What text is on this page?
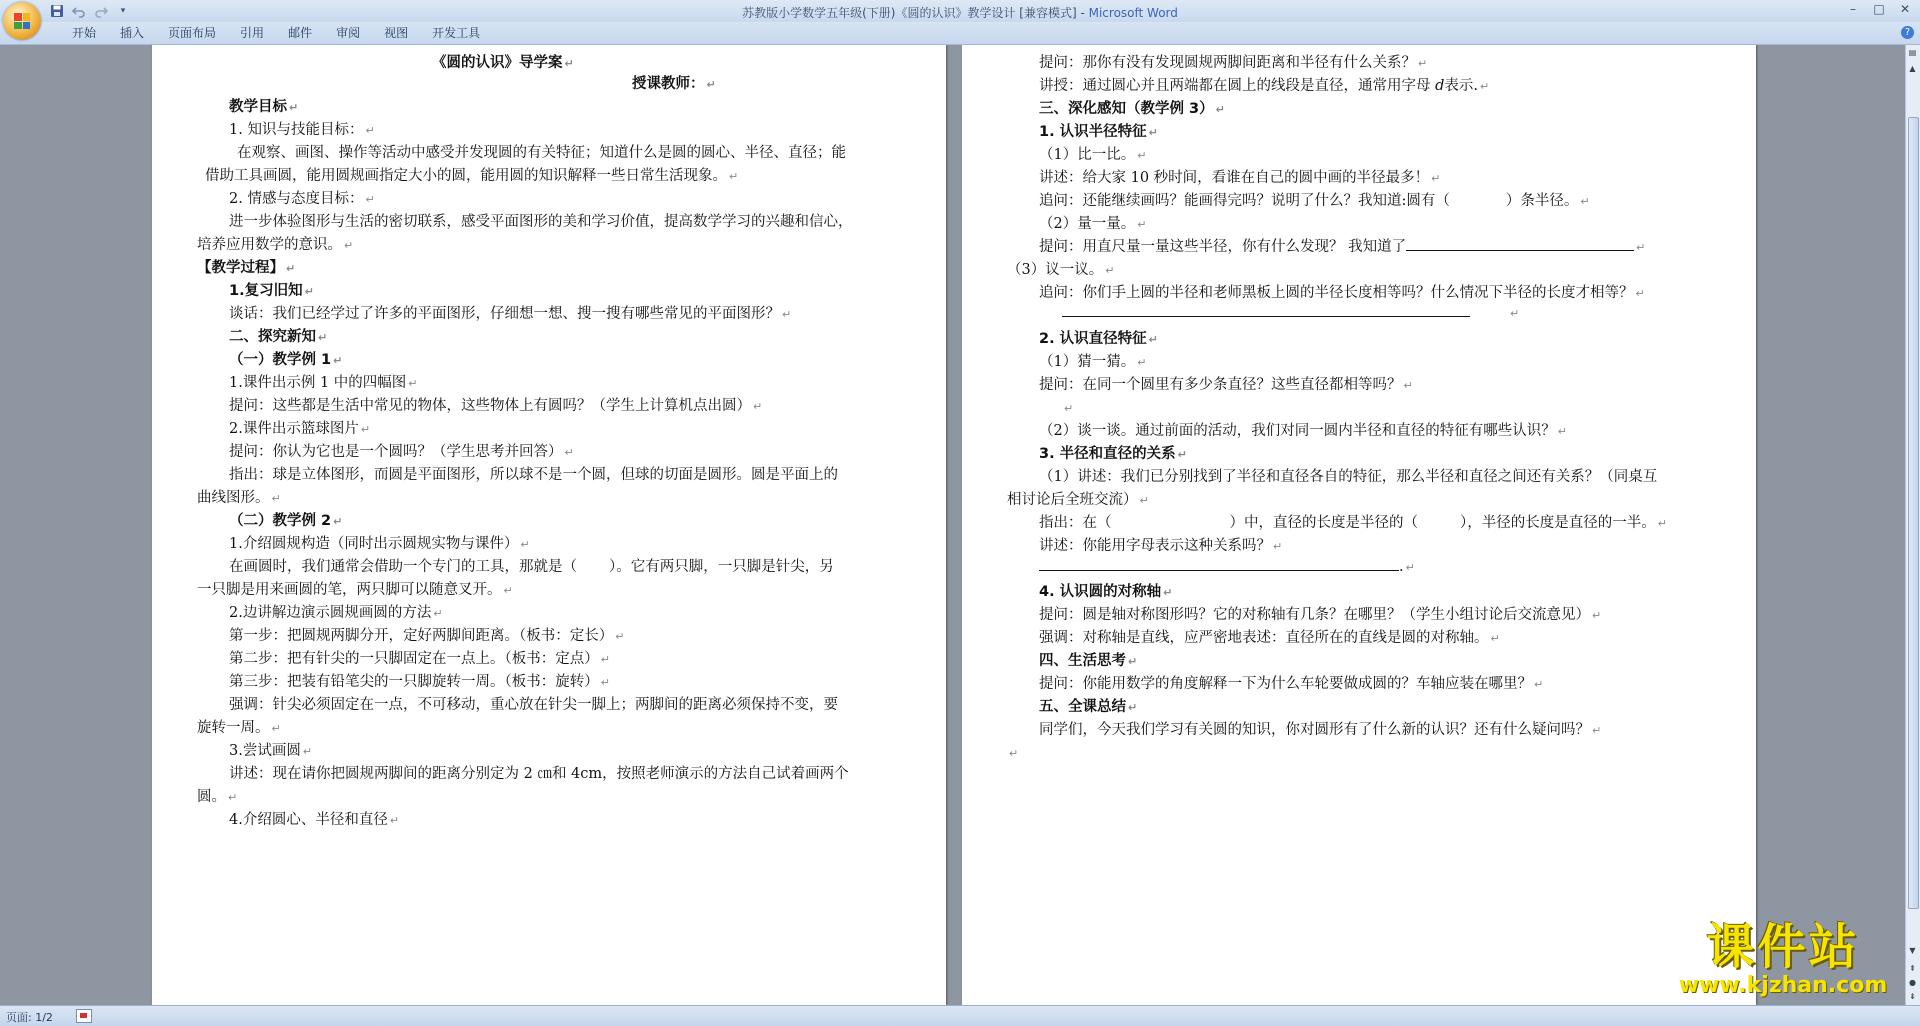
▾	苏教版小学数学五年级(下册)《圆的认识》教学设计 [兼容模式] - Microsoft Word	–	□	✕
开始	插入	页面布局	引用	邮件	审阅	视图	开发工具	?
《圆的认识》导学案 ↵
授课教师： ↵
教学目标 ↵
1. 知识与技能目标： ↵
在观察、画图、操作等活动中感受并发现圆的有关特征；知道什么是圆的圆心、半径、直径；能
借助工具画圆，能用圆规画指定大小的圆，能用圆的知识解释一些日常生活现象。 ↵
2. 情感与态度目标： ↵
进一步体验图形与生活的密切联系，感受平面图形的美和学习价值，提高数学学习的兴趣和信心，
培养应用数学的意识。 ↵
【教学过程】 ↵
1.复习旧知 ↵
谈话：我们已经学过了许多的平面图形，仔细想一想、搜一搜有哪些常见的平面图形？ ↵
二、探究新知 ↵
（一）教学例 1 ↵
1.课件出示例 1 中的四幅图 ↵
提问：这些都是生活中常见的物体，这些物体上有圆吗？（学生上计算机点出圆） ↵
2.课件出示篮球图片 ↵
提问：你认为它也是一个圆吗？（学生思考并回答） ↵
指出：球是立体图形，而圆是平面图形，所以球不是一个圆，但球的切面是圆形。圆是平面上的
曲线图形。 ↵
（二）教学例 2 ↵
1.介绍圆规构造（同时出示圆规实物与课件） ↵
在画圆时，我们通常会借助一个专门的工具，那就是（ ）。它有两只脚，一只脚是针尖，另
一只脚是用来画圆的笔，两只脚可以随意叉开。 ↵
2.边讲解边演示圆规画圆的方法 ↵
第一步：把圆规两脚分开，定好两脚间距离。（板书：定长） ↵
第二步：把有针尖的一只脚固定在一点上。（板书：定点） ↵
第三步：把装有铅笔尖的一只脚旋转一周。（板书：旋转） ↵
强调：针尖必须固定在一点，不可移动，重心放在针尖一脚上；两脚间的距离必须保持不变，要
旋转一周。 ↵
3.尝试画圆 ↵
讲述：现在请你把圆规两脚间的距离分别定为 2 ㎝和 4cm，按照老师演示的方法自己试着画两个
圆。 ↵
4.介绍圆心、半径和直径 ↵
提问：那你有没有发现圆规两脚间距离和半径有什么关系？ ↵
讲授：通过圆心并且两端都在圆上的线段是直径，通常用字母 d表示. ↵
三、深化感知（教学例 3） ↵
1. 认识半径特征 ↵
（1）比一比。 ↵
讲述：给大家 10 秒时间，看谁在自己的圆中画的半径最多！ ↵
追问：还能继续画吗？能画得完吗？说明了什么？我知道:圆有（	）条半径。 ↵
（2）量一量。 ↵
提问：用直尺量一量这些半径，你有什么发现？ 我知道了	↵
（3）议一议。 ↵
追问：你们手上圆的半径和老师黑板上圆的半径长度相等吗？什么情况下半径的长度才相等？ ↵
↵
2. 认识直径特征 ↵
（1）猜一猜。 ↵
提问：在同一个圆里有多少条直径？这些直径都相等吗？ ↵
↵
（2）谈一谈。通过前面的活动，我们对同一圆内半径和直径的特征有哪些认识？ ↵
3. 半径和直径的关系 ↵
（1）讲述：我们已分别找到了半径和直径各自的特征，那么半径和直径之间还有关系？（同桌互
相讨论后全班交流） ↵
指出：在（	）中，直径的长度是半径的（	），半径的长度是直径的一半。 ↵
讲述：你能用字母表示这种关系吗？ ↵
. ↵
4. 认识圆的对称轴 ↵
提问：圆是轴对称图形吗？它的对称轴有几条？在哪里？（学生小组讨论后交流意见） ↵
强调：对称轴是直线，应严密地表述：直径所在的直线是圆的对称轴。 ↵
四、生活思考 ↵
提问：你能用数学的角度解释一下为什么车轮要做成圆的？车轴应装在哪里？ ↵
五、全课总结 ↵
同学们，今天我们学习有关圆的知识，你对圆形有了什么新的认识？还有什么疑问吗？ ↵
↵
▤
▲
▼
⇞
●
⇟
页面: 1/2
课件站
www.kjzhan.com
